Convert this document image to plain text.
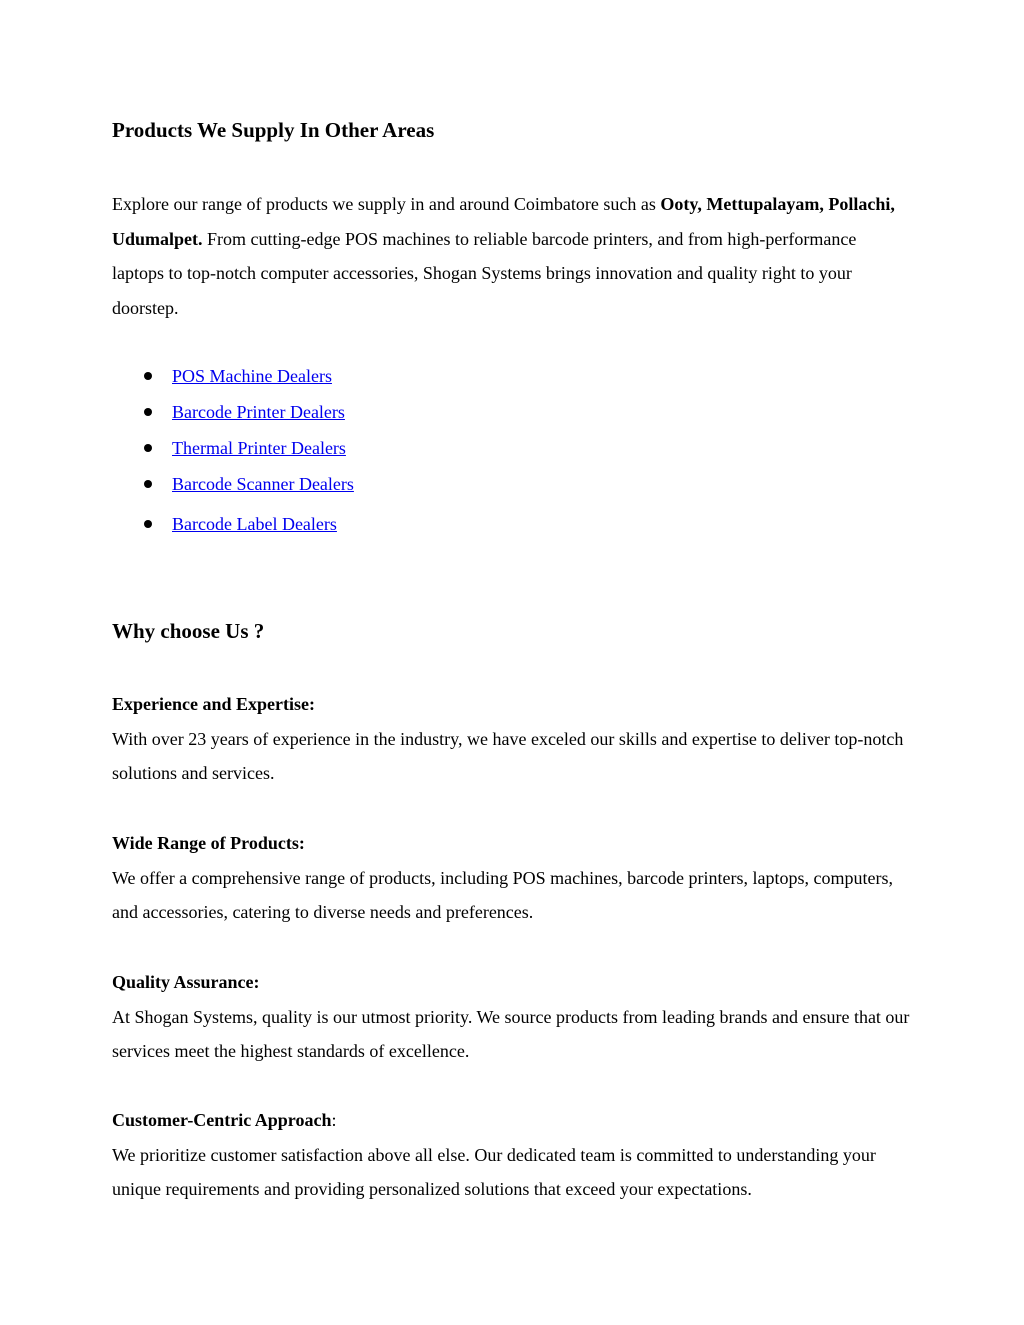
Products We Supply In Other Areas

Explore our range of products we supply in and around Coimbatore such as Ooty, Mettupalayam, Pollachi, Udumalpet. From cutting-edge POS machines to reliable barcode printers, and from high-performance laptops to top-notch computer accessories, Shogan Systems brings innovation and quality right to your doorstep.

POS Machine Dealers
Barcode Printer Dealers
Thermal Printer Dealers
Barcode Scanner Dealers
Barcode Label Dealers
Why choose Us ?
Experience and Expertise:

With over 23 years of experience in the industry, we have exceled our skills and expertise to deliver top-notch solutions and services.

Wide Range of Products:

We offer a comprehensive range of products, including POS machines, barcode printers, laptops, computers, and accessories, catering to diverse needs and preferences.

Quality Assurance:

At Shogan Systems, quality is our utmost priority. We source products from leading brands and ensure that our services meet the highest standards of excellence.

Customer-Centric Approach:

We prioritize customer satisfaction above all else. Our dedicated team is committed to understanding your unique requirements and providing personalized solutions that exceed your expectations.
